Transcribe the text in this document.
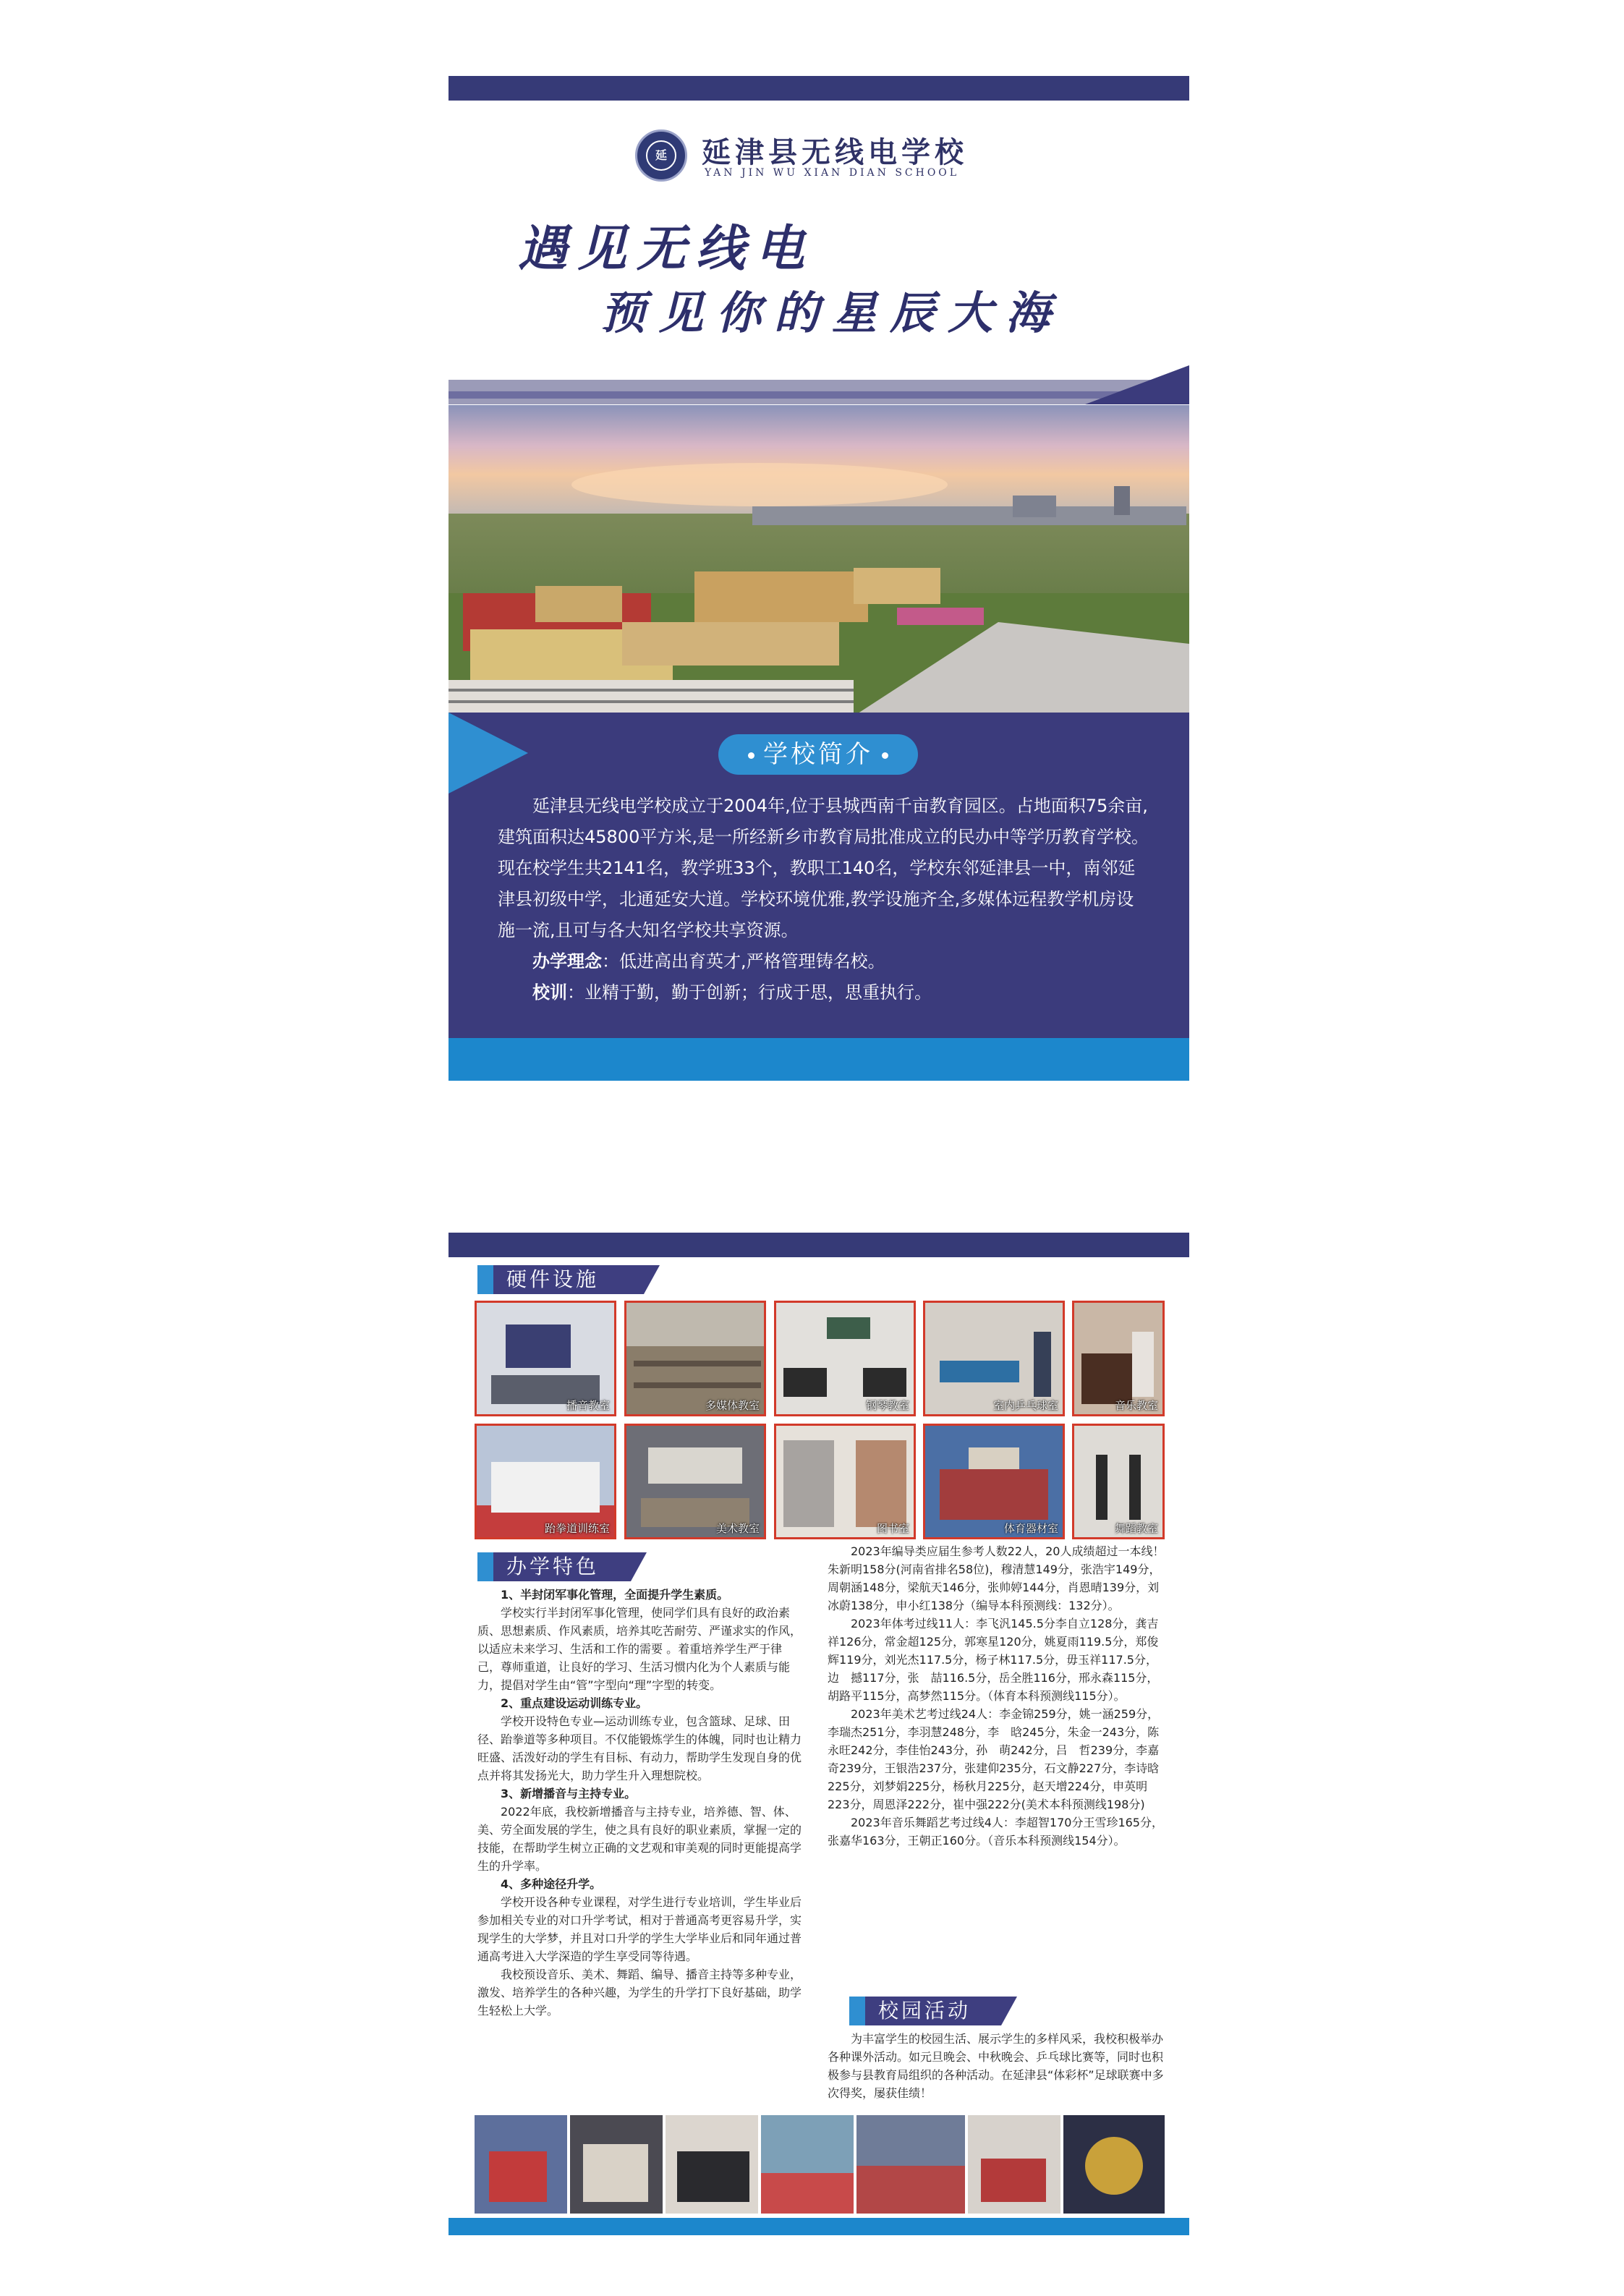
延	延津县无线电学校
YAN JIN WU XIAN DIAN SCHOOL
遇见无线电
预见你的星辰大海
学校简介

延津县无线电学校成立于2004年,位于县城西南千亩教育园区。占地面积75余亩,建筑面积达45800平方米,是一所经新乡市教育局批准成立的民办中等学历教育学校。现在校学生共2141名，教学班33个，教职工140名，学校东邻延津县一中，南邻延津县初级中学，北通延安大道。学校环境优雅,教学设施齐全,多媒体远程教学机房设施一流,且可与各大知名学校共享资源。

办学理念：低进高出育英才,严格管理铸名校。

校训：业精于勤，勤于创新；行成于思，思重执行。

硬件设施
播音教室	多媒体教室	钢琴教室	室内乒乓球室	音乐教室
跆拳道训练室	美术教室	图书室	体育器材室	舞蹈教室
办学特色

1、半封闭军事化管理，全面提升学生素质。

学校实行半封闭军事化管理，使同学们具有良好的政治素质、思想素质、作风素质，培养其吃苦耐劳、严谨求实的作风，以适应未来学习、生活和工作的需要 。着重培养学生严于律己，尊师重道，让良好的学习、生活习惯内化为个人素质与能力，提倡对学生由“管”字型向“理”字型的转变。

2、重点建设运动训练专业。

学校开设特色专业—运动训练专业，包含篮球、足球、田径、跆拳道等多种项目。不仅能锻炼学生的体魄，同时也让精力旺盛、活泼好动的学生有目标、有动力，帮助学生发现自身的优点并将其发扬光大，助力学生升入理想院校。

3、新增播音与主持专业。

2022年底，我校新增播音与主持专业，培养德、智、体、美、劳全面发展的学生，使之具有良好的职业素质，掌握一定的技能，在帮助学生树立正确的文艺观和审美观的同时更能提高学生的升学率。

4、多种途径升学。

学校开设各种专业课程，对学生进行专业培训，学生毕业后参加相关专业的对口升学考试，相对于普通高考更容易升学，实现学生的大学梦，并且对口升学的学生大学毕业后和同年通过普通高考进入大学深造的学生享受同等待遇。

我校预设音乐、美术、舞蹈、编导、播音主持等多种专业，激发、培养学生的各种兴趣，为学生的升学打下良好基础，助学生轻松上大学。

2023年编导类应届生参考人数22人，20人成绩超过一本线！朱新明158分(河南省排名58位)，穆清慧149分，张浩宇149分，周朝涵148分，梁航天146分，张帅婷144分，肖恩晴139分，刘冰蔚138分，申小红138分（编导本科预测线：132分）。

2023年体考过线11人：李飞汎145.5分李自立128分，龚吉祥126分，常金超125分，郭寒星120分，姚夏雨119.5分，郑俊辉119分，刘光杰117.5分，杨子林117.5分，毋玉祥117.5分，边　撼117分，张　喆116.5分，岳全胜116分，邢永森115分，胡路平115分，高梦然115分。（体育本科预测线115分）。

2023年美术艺考过线24人：李金锦259分，姚一涵259分，李瑞杰251分，李羽慧248分，李　晗245分，朱金一243分，陈永旺242分，李佳怡243分，孙　萌242分，吕　哲239分，李嘉奇239分，王银浩237分，张建仰235分，石文静227分，李诗晗225分，刘梦娟225分，杨秋月225分，赵天增224分，申英明223分，周恩泽222分，崔中强222分(美术本科预测线198分)

2023年音乐舞蹈艺考过线4人：李超智170分王雪珍165分，张嘉华163分，王朝正160分。（音乐本科预测线154分）。

校园活动

为丰富学生的校园生活、展示学生的多样风采，我校积极举办各种课外活动。如元旦晚会、中秋晚会、乒乓球比赛等，同时也积极参与县教育局组织的各种活动。在延津县“体彩杯”足球联赛中多次得奖，屡获佳绩！
